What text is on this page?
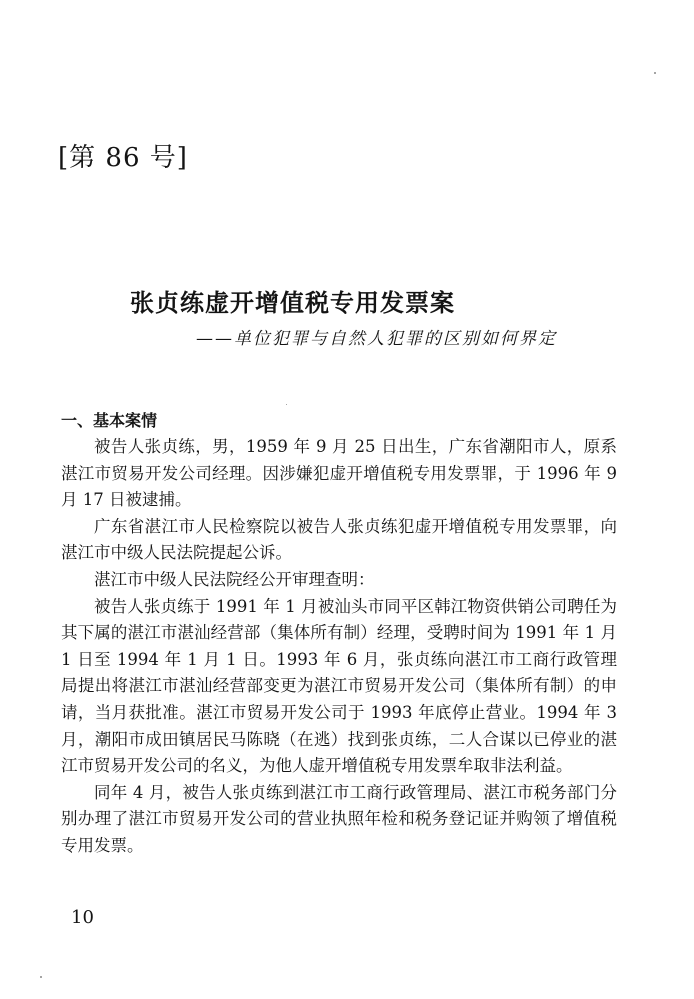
[第 86 号]
张贞练虚开增值税专用发票案
——单位犯罪与自然人犯罪的区别如何界定
一、基本案情

被告人张贞练，男，1959 年 9 月 25 日出生，广东省潮阳市人，原系湛江市贸易开发公司经理。因涉嫌犯虚开增值税专用发票罪，于 1996 年 9 月 17 日被逮捕。

广东省湛江市人民检察院以被告人张贞练犯虚开增值税专用发票罪，向湛江市中级人民法院提起公诉。

湛江市中级人民法院经公开审理查明：

被告人张贞练于 1991 年 1 月被汕头市同平区韩江物资供销公司聘任为其下属的湛江市湛汕经营部（集体所有制）经理，受聘时间为 1991 年 1 月 1 日至 1994 年 1 月 1 日。1993 年 6 月，张贞练向湛江市工商行政管理局提出将湛江市湛汕经营部变更为湛江市贸易开发公司（集体所有制）的申请，当月获批准。湛江市贸易开发公司于 1993 年底停止营业。1994 年 3 月，潮阳市成田镇居民马陈晓（在逃）找到张贞练，二人合谋以已停业的湛江市贸易开发公司的名义，为他人虚开增值税专用发票牟取非法利益。

同年 4 月，被告人张贞练到湛江市工商行政管理局、湛江市税务部门分别办理了湛江市贸易开发公司的营业执照年检和税务登记证并购领了增值税专用发票。

10
